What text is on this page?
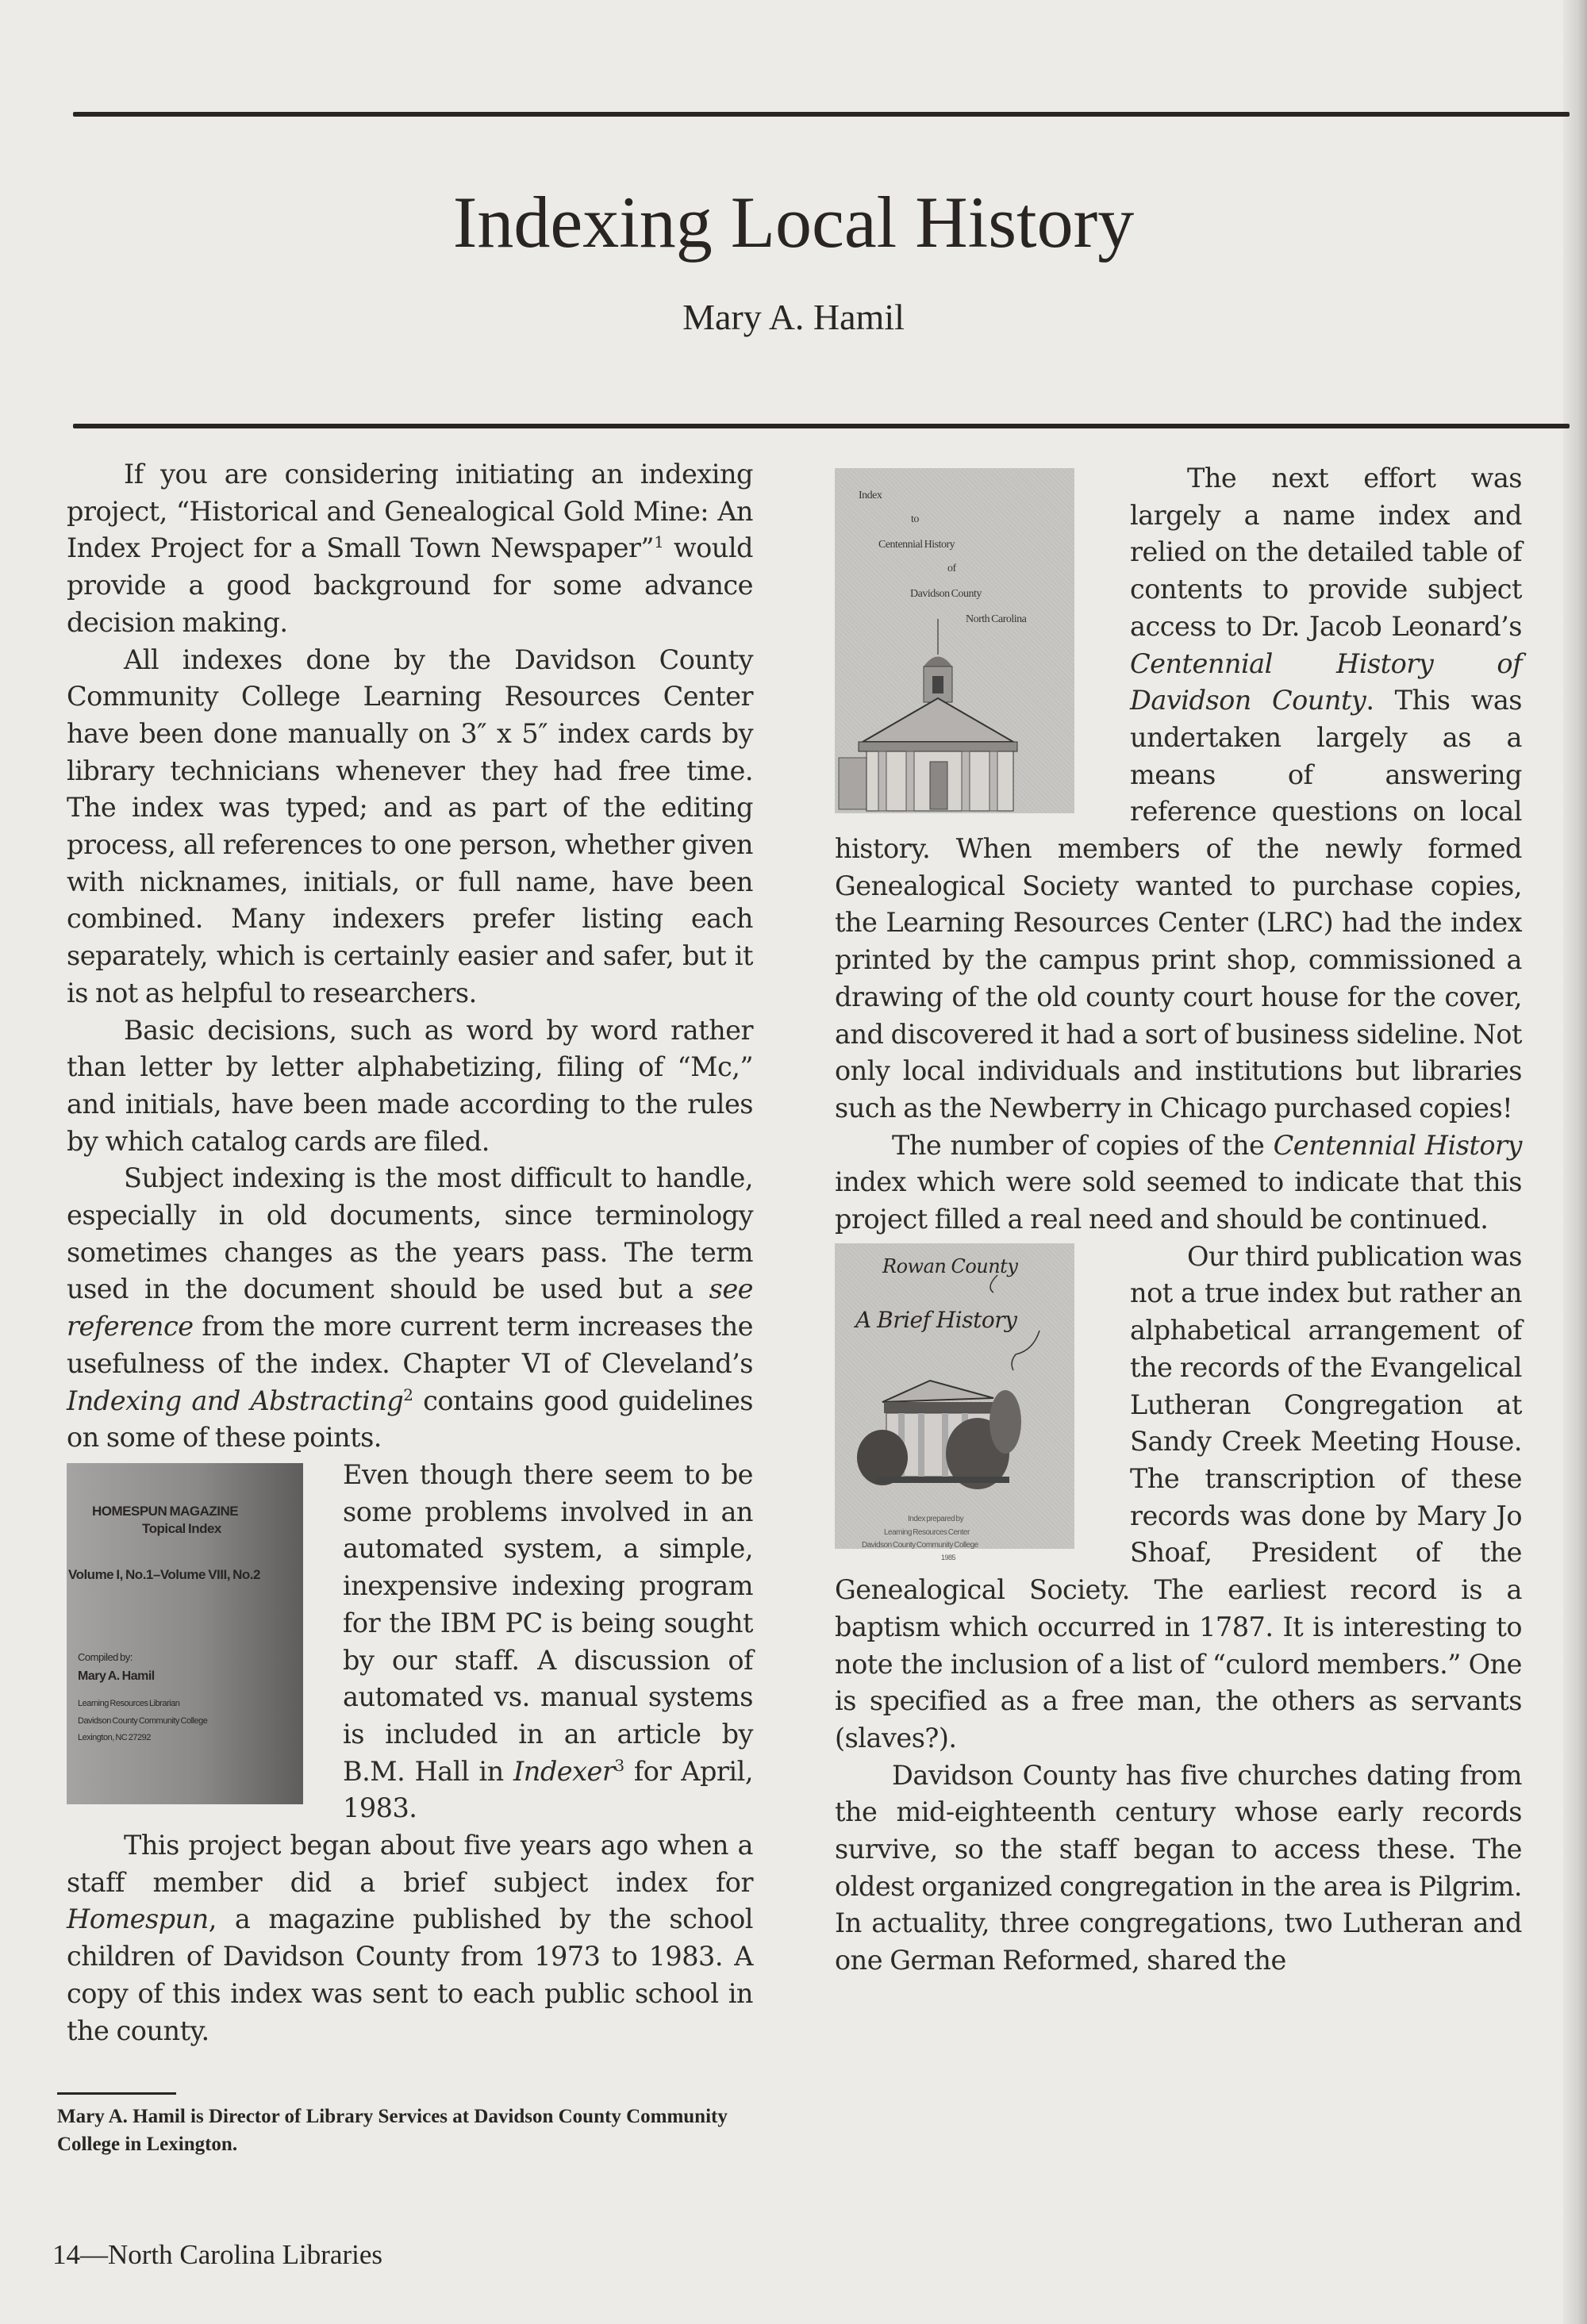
Indexing Local History
Mary A. Hamil

If you are considering initiating an indexing project, “Historical and Genealogical Gold Mine: An Index Project for a Small Town Newspaper”$^1$ would provide a good background for some advance decision making.

All indexes done by the Davidson County Community College Learning Resources Center have been done manually on 3″ x 5″ index cards by library technicians whenever they had free time. The index was typed; and as part of the editing process, all references to one person, whether given with nicknames, initials, or full name, have been combined. Many indexers prefer listing each separately, which is certainly easier and safer, but it is not as helpful to researchers.

Basic decisions, such as word by word rather than letter by letter alphabetizing, filing of “Mc,” and initials, have been made according to the rules by which catalog cards are filed.

Subject indexing is the most difficult to handle, especially in old documents, since terminology sometimes changes as the years pass. The term used in the document should be used but a see reference from the more current term increases the usefulness of the index. Chapter VI of Cleveland’s Indexing and Abstracting$^2$ contains good guidelines on some of these points.

HOMESPUN MAGAZINE
Topical Index
Volume I, No.1–Volume VIII, No.2
Compiled by:
Mary A. Hamil
Learning Resources Librarian
Davidson County Community College
Lexington, NC 27292
Even though there seem to be some problems involved in an automated system, a simple, inexpensive indexing program for the IBM PC is being sought by our staff. A discussion of automated vs. manual systems is included in an article by B.M. Hall in Indexer$^3$ for April, 1983.

This project began about five years ago when a staff member did a brief subject index for Homespun, a magazine published by the school children of Davidson County from 1973 to 1983. A copy of this index was sent to each public school in the county.

Index
to
Centennial History
of
Davidson County
North Carolina

The next effort was largely a name index and relied on the detailed table of contents to provide subject access to Dr. Jacob Leonard’s Centennial History of Davidson County. This was undertaken largely as a means of answering reference questions on local history. When members of the newly formed Genealogical Society wanted to purchase copies, the Learning Resources Center (LRC) had the index printed by the campus print shop, commissioned a drawing of the old county court house for the cover, and discovered it had a sort of business sideline. Not only local individuals and institutions but libraries such as the Newberry in Chicago purchased copies!

The number of copies of the Centennial History index which were sold seemed to indicate that this project filled a real need and should be continued.

Rowan County
A Brief History
Index prepared by
Learning Resources Center
Davidson County Community College
1985

Our third publication was not a true index but rather an alphabetical arrangement of the records of the Evangelical Lutheran Congregation at Sandy Creek Meeting House. The transcription of these records was done by Mary Jo Shoaf, President of the Genealogical Society. The earliest record is a baptism which occurred in 1787. It is interesting to note the inclusion of a list of “culord members.” One is specified as a free man, the others as servants (slaves?).

Davidson County has five churches dating from the mid-eighteenth century whose early records survive, so the staff began to access these. The oldest organized congregation in the area is Pilgrim. In actuality, three congregations, two Lutheran and one German Reformed, shared the

Mary A. Hamil is Director of Library Services at Davidson County Community College in Lexington.
14—North Carolina Libraries
